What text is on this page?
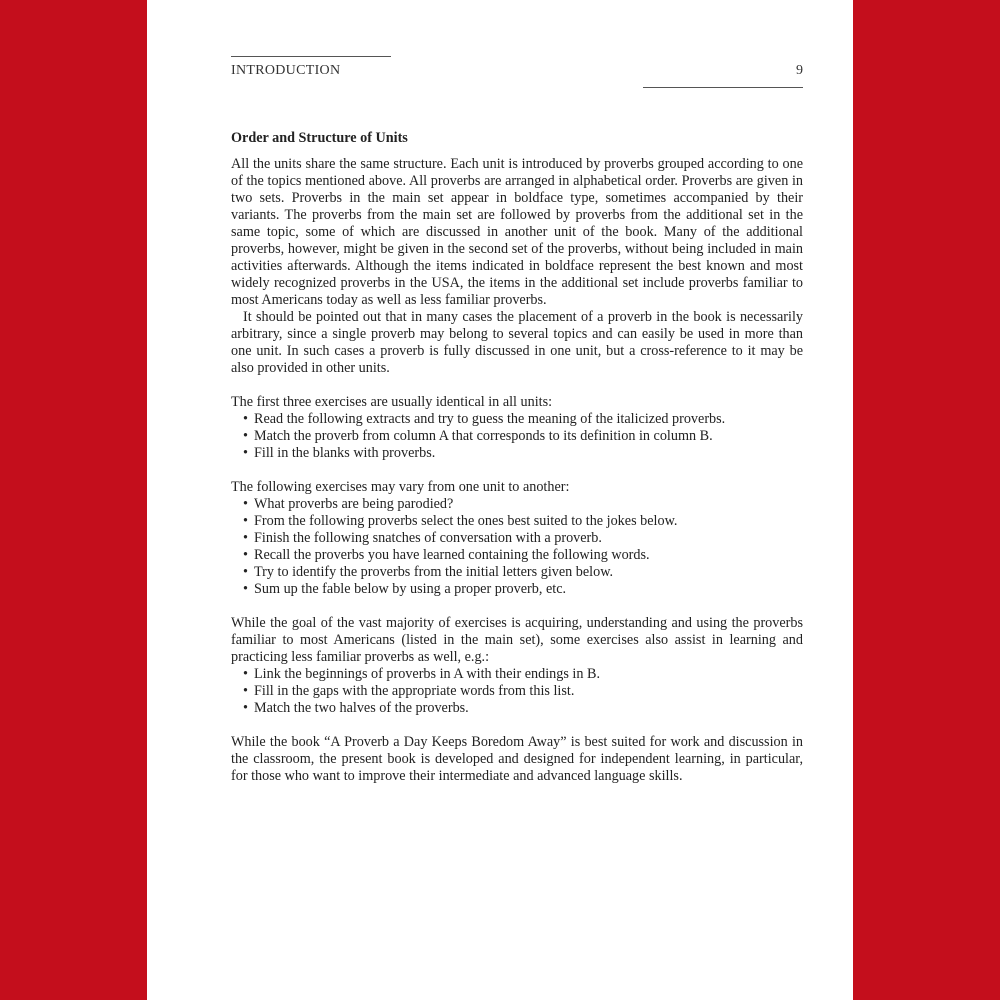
INTRODUCTION	9
Order and Structure of Units

All the units share the same structure. Each unit is introduced by proverbs grouped according to one of the topics mentioned above. All proverbs are arranged in alphabetical order. Proverbs are given in two sets. Proverbs in the main set appear in boldface type, sometimes accompanied by their variants. The proverbs from the main set are followed by proverbs from the additional set in the same topic, some of which are discussed in another unit of the book. Many of the additional proverbs, however, might be given in the second set of the proverbs, without being included in main activities afterwards. Although the items indicated in boldface represent the best known and most widely recognized proverbs in the USA, the items in the additional set include proverbs familiar to most Americans today as well as less familiar proverbs.

It should be pointed out that in many cases the placement of a proverb in the book is necessarily arbitrary, since a single proverb may belong to several topics and can easily be used in more than one unit. In such cases a proverb is fully discussed in one unit, but a cross-reference to it may be also provided in other units.

The first three exercises are usually identical in all units:

• Read the following extracts and try to guess the meaning of the italicized proverbs.
• Match the proverb from column A that corresponds to its definition in column B.
• Fill in the blanks with proverbs.

The following exercises may vary from one unit to another:

• What proverbs are being parodied?
• From the following proverbs select the ones best suited to the jokes below.
• Finish the following snatches of conversation with a proverb.
• Recall the proverbs you have learned containing the following words.
• Try to identify the proverbs from the initial letters given below.
• Sum up the fable below by using a proper proverb, etc.

While the goal of the vast majority of exercises is acquiring, understanding and using the proverbs familiar to most Americans (listed in the main set), some exercises also assist in learning and practicing less familiar proverbs as well, e.g.:

• Link the beginnings of proverbs in A with their endings in B.
• Fill in the gaps with the appropriate words from this list.
• Match the two halves of the proverbs.

While the book “A Proverb a Day Keeps Boredom Away” is best suited for work and discussion in the classroom, the present book is developed and designed for independent learning, in particular, for those who want to improve their intermediate and advanced language skills.
